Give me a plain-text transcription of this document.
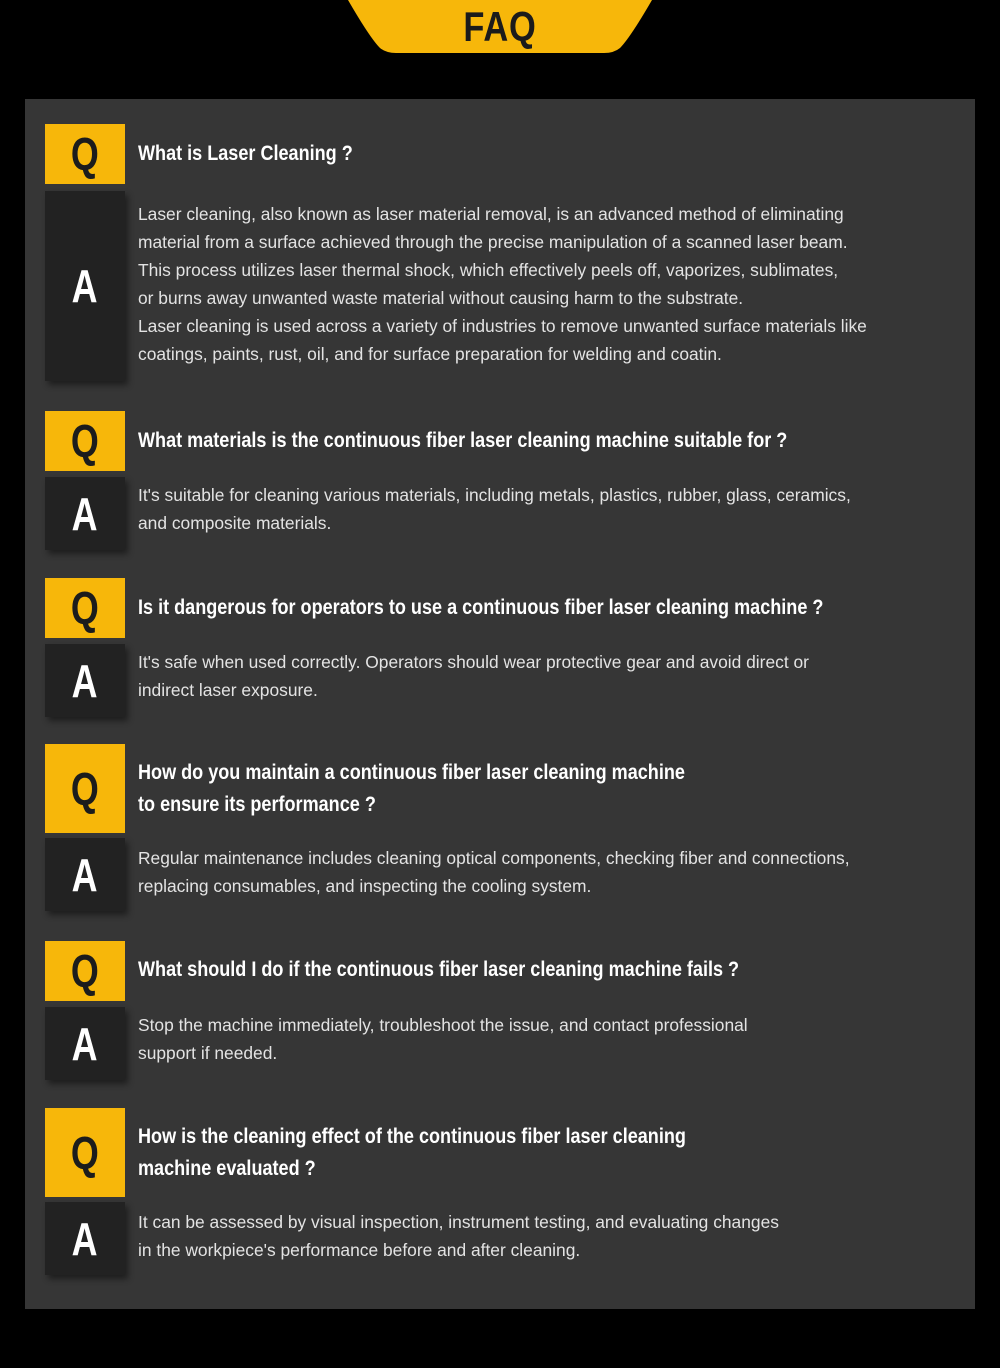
FAQ
Q What is Laser Cleaning ?
A

Laser cleaning, also known as laser material removal, is an advanced method of eliminating

material from a surface achieved through the precise manipulation of a scanned laser beam.

This process utilizes laser thermal shock, which effectively peels off, vaporizes, sublimates,

or burns away unwanted waste material without causing harm to the substrate.

Laser cleaning is used across a variety of industries to remove unwanted surface materials like

coatings, paints, rust, oil, and for surface preparation for welding and coatin.

Q What materials is the continuous fiber laser cleaning machine suitable for ?
A It's suitable for cleaning various materials, including metals, plastics, rubber, glass, ceramics,

and composite materials.

Q Is it dangerous for operators to use a continuous fiber laser cleaning machine ?
A It's safe when used correctly. Operators should wear protective gear and avoid direct or

indirect laser exposure.

Q How do you maintain a continuous fiber laser cleaning machine
to ensure its performance ?
A Regular maintenance includes cleaning optical components, checking fiber and connections,

replacing consumables, and inspecting the cooling system.

Q What should I do if the continuous fiber laser cleaning machine fails ?
A Stop the machine immediately, troubleshoot the issue, and contact professional

support if needed.

Q How is the cleaning effect of the continuous fiber laser cleaning
machine evaluated ?
A It can be assessed by visual inspection, instrument testing, and evaluating changes

in the workpiece's performance before and after cleaning.
